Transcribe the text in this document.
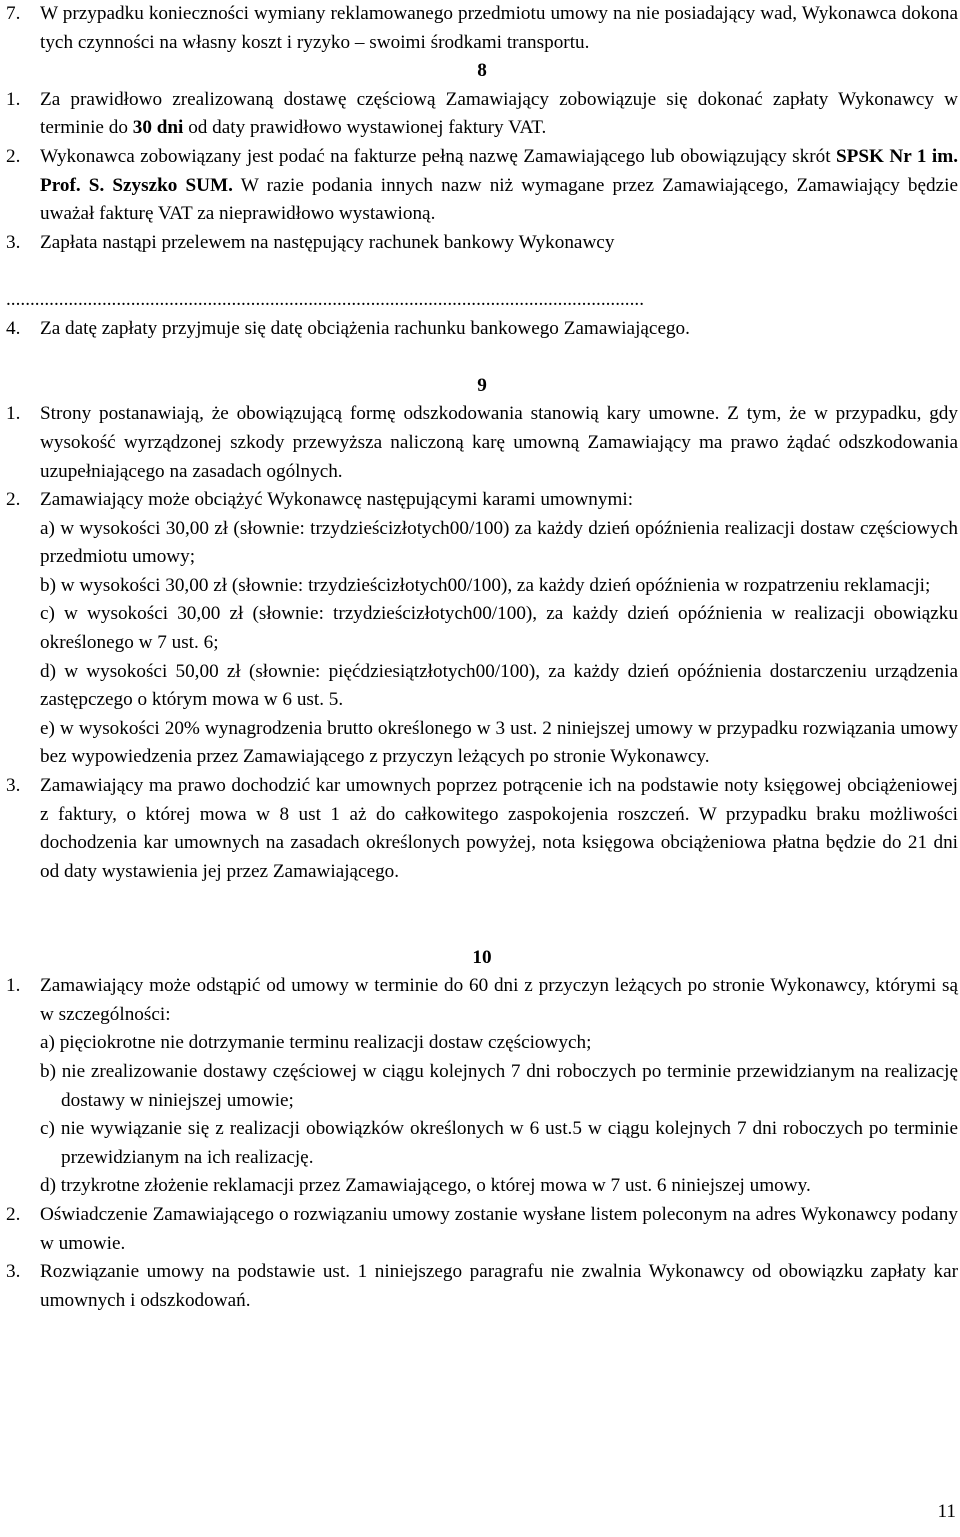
7.	W przypadku konieczności wymiany reklamowanego przedmiotu umowy na nie posiadający wad, Wykonawca dokona tych czynności na własny koszt i ryzyko – swoimi środkami transportu.
8
1.	Za prawidłowo zrealizowaną dostawę częściową Zamawiający zobowiązuje się dokonać zapłaty Wykonawcy w terminie do 30 dni od daty prawidłowo wystawionej faktury VAT.
2.	Wykonawca zobowiązany jest podać na fakturze pełną nazwę Zamawiającego lub obowiązujący skrót SPSK Nr 1 im. Prof. S. Szyszko SUM. W razie podania innych nazw niż wymagane przez Zamawiającego, Zamawiający będzie uważał fakturę VAT za nieprawidłowo wystawioną.
3.	Zapłata nastąpi przelewem na następujący rachunek bankowy Wykonawcy
.....................................................................................................................................
4.	Za datę zapłaty przyjmuje się datę obciążenia rachunku bankowego Zamawiającego.
9
1.	Strony postanawiają, że obowiązującą formę odszkodowania stanowią kary umowne. Z tym, że w przypadku, gdy wysokość wyrządzonej szkody przewyższa naliczoną karę umowną Zamawiający ma prawo żądać odszkodowania uzupełniającego na zasadach ogólnych.
2.	Zamawiający może obciążyć Wykonawcę następującymi karami umownymi:
a) w wysokości 30,00 zł (słownie: trzydzieścizłotych00/100) za każdy dzień opóźnienia realizacji dostaw częściowych przedmiotu umowy;
b) w wysokości 30,00 zł (słownie: trzydzieścizłotych00/100), za każdy dzień opóźnienia w rozpatrzeniu reklamacji;
c) w wysokości 30,00 zł (słownie: trzydzieścizłotych00/100), za każdy dzień opóźnienia w realizacji obowiązku określonego w 7 ust. 6;
d) w wysokości 50,00 zł (słownie: pięćdziesiątzłotych00/100), za każdy dzień opóźnienia dostarczeniu urządzenia zastępczego o którym mowa w 6 ust. 5.
e) w wysokości 20% wynagrodzenia brutto określonego w 3 ust. 2 niniejszej umowy w przypadku rozwiązania umowy bez wypowiedzenia przez Zamawiającego z przyczyn leżących po stronie Wykonawcy.
3.	Zamawiający ma prawo dochodzić kar umownych poprzez potrącenie ich na podstawie noty księgowej obciążeniowej z faktury, o której mowa w 8 ust 1 aż do całkowitego zaspokojenia roszczeń. W przypadku braku możliwości dochodzenia kar umownych na zasadach określonych powyżej, nota księgowa obciążeniowa płatna będzie do 21 dni od daty wystawienia jej przez Zamawiającego.
10
1.	Zamawiający może odstąpić od umowy w terminie do 60 dni z przyczyn leżących po stronie Wykonawcy, którymi są w szczególności:
a) pięciokrotne nie dotrzymanie terminu realizacji dostaw częściowych;
b) nie zrealizowanie dostawy częściowej w ciągu kolejnych 7 dni roboczych po terminie przewidzianym na realizację dostawy w niniejszej umowie;
c) nie wywiązanie się z realizacji obowiązków określonych w 6 ust.5 w ciągu kolejnych 7 dni roboczych po terminie przewidzianym na ich realizację.
d) trzykrotne złożenie reklamacji przez Zamawiającego, o której mowa w 7 ust. 6 niniejszej umowy.
2.	Oświadczenie Zamawiającego o rozwiązaniu umowy zostanie wysłane listem poleconym na adres Wykonawcy podany w umowie.
3.	Rozwiązanie umowy na podstawie ust. 1 niniejszego paragrafu nie zwalnia Wykonawcy od obowiązku zapłaty kar umownych i odszkodowań.
11
